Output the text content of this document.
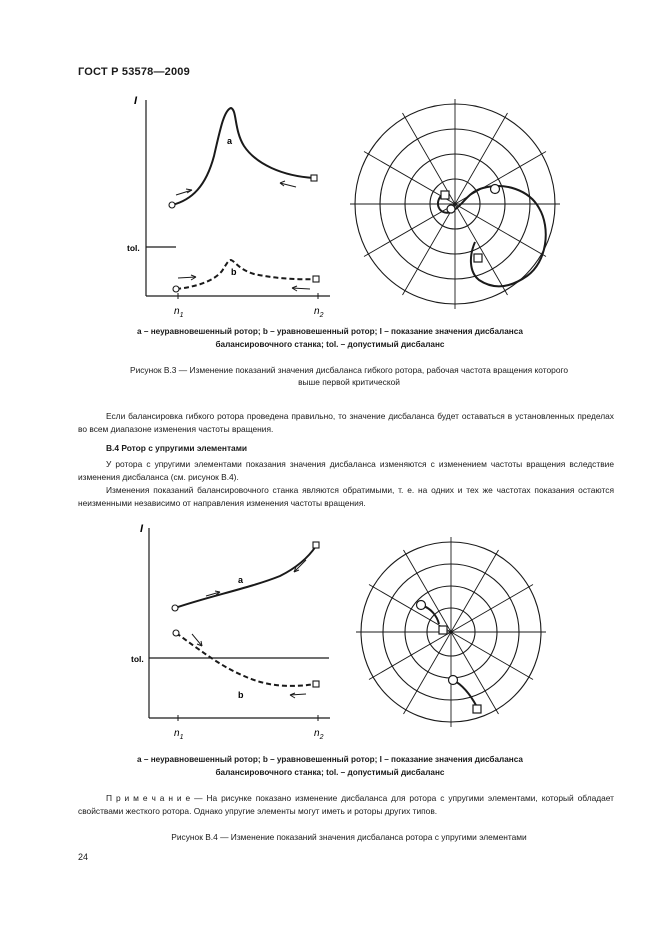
ГОСТ Р 53578—2009
I
tol.
a
b
$n_1$	$n_2$
а – неуравновешенный ротор; b – уравновешенный ротор; I – показание значения дисбаланса
балансировочного станка; tol. – допустимый дисбаланс
Рисунок В.3 — Изменение показаний значения дисбаланса гибкого ротора, рабочая частота вращения которого
выше первой критической
Если балансировка гибкого ротора проведена правильно, то значение дисбаланса будет оставаться в установленных пределах во всем диапазоне изменения частоты вращения.
В.4 Ротор с упругими элементами
У ротора с упругими элементами показания значения дисбаланса изменяются с изменением частоты вращения вследствие изменения дисбаланса (см. рисунок В.4).
Изменения показаний балансировочного станка являются обратимыми, т. е. на одних и тех же частотах показания остаются неизменными независимо от направления изменения частоты вращения.
I
tol.
a
b
$n_1$	$n_2$
а – неуравновешенный ротор; b – уравновешенный ротор; I – показание значения дисбаланса
балансировочного станка; tol. – допустимый дисбаланс
П р и м е ч а н и е — На рисунке показано изменение дисбаланса для ротора с упругими элементами, который обладает свойствами жесткого ротора. Однако упругие элементы могут иметь и роторы других типов.
Рисунок В.4 — Изменение показаний значения дисбаланса ротора с упругими элементами
24
